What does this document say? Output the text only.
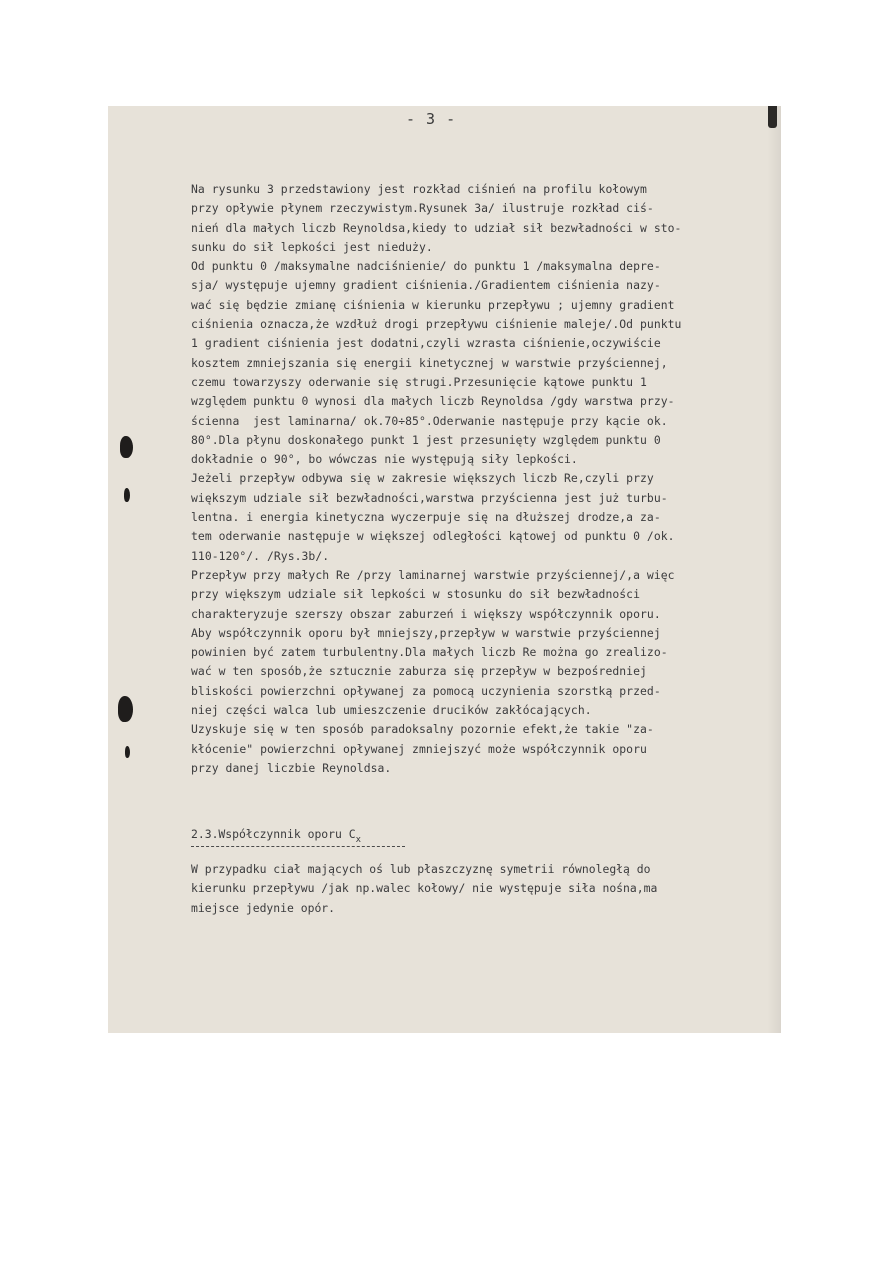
- 3 -
Na rysunku 3 przedstawiony jest rozkład ciśnień na profilu kołowym
przy opływie płynem rzeczywistym.Rysunek 3a/ ilustruje rozkład ciś-
nień dla małych liczb Reynoldsa,kiedy to udział sił bezwładności w sto-
sunku do sił lepkości jest nieduży.
Od punktu 0 /maksymalne nadciśnienie/ do punktu 1 /maksymalna depre-
sja/ występuje ujemny gradient ciśnienia./Gradientem ciśnienia nazy-
wać się będzie zmianę ciśnienia w kierunku przepływu ; ujemny gradient
ciśnienia oznacza,że wzdłuż drogi przepływu ciśnienie maleje/.Od punktu
1 gradient ciśnienia jest dodatni,czyli wzrasta ciśnienie,oczywiście
kosztem zmniejszania się energii kinetycznej w warstwie przyściennej,
czemu towarzyszy oderwanie się strugi.Przesunięcie kątowe punktu 1
względem punktu 0 wynosi dla małych liczb Reynoldsa /gdy warstwa przy-
ścienna  jest laminarna/ ok.70÷85°.Oderwanie następuje przy kącie ok.
80°.Dla płynu doskonałego punkt 1 jest przesunięty względem punktu 0
dokładnie o 90°, bo wówczas nie występują siły lepkości.
Jeżeli przepływ odbywa się w zakresie większych liczb Re,czyli przy
większym udziale sił bezwładności,warstwa przyścienna jest już turbu-
lentna. i energia kinetyczna wyczerpuje się na dłuższej drodze,a za-
tem oderwanie następuje w większej odległości kątowej od punktu 0 /ok.
110-120°/. /Rys.3b/.
Przepływ przy małych Re /przy laminarnej warstwie przyściennej/,a więc
przy większym udziale sił lepkości w stosunku do sił bezwładności
charakteryzuje szerszy obszar zaburzeń i większy współczynnik oporu.
Aby współczynnik oporu był mniejszy,przepływ w warstwie przyściennej
powinien być zatem turbulentny.Dla małych liczb Re można go zrealizo-
wać w ten sposób,że sztucznie zaburza się przepływ w bezpośredniej
bliskości powierzchni opływanej za pomocą uczynienia szorstką przed-
niej części walca lub umieszczenie drucików zakłócających.
Uzyskuje się w ten sposób paradoksalny pozornie efekt,że takie "za-
kłócenie" powierzchni opływanej zmniejszyć może współczynnik oporu
przy danej liczbie Reynoldsa.
2.3.Współczynnik oporu $C_x$
W przypadku ciał mających oś lub płaszczyznę symetrii równoległą do
kierunku przepływu /jak np.walec kołowy/ nie występuje siła nośna,ma
miejsce jedynie opór.
